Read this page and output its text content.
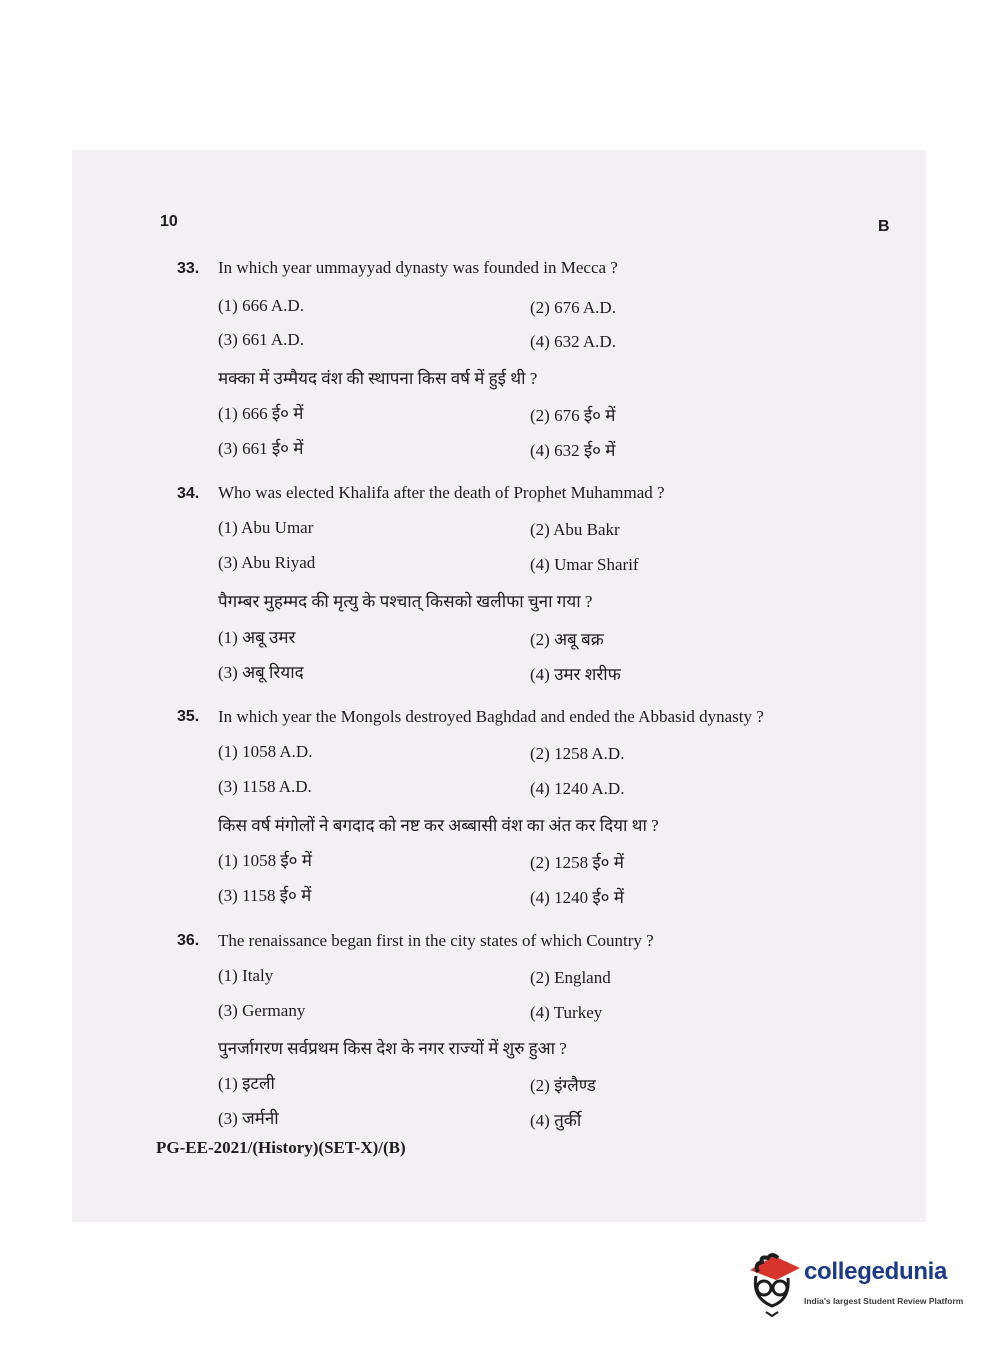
10	B
33. In which year ummayyad dynasty was founded in Mecca ?
(1) 666 A.D.	(2) 676 A.D.
(3) 661 A.D.	(4) 632 A.D.
मक्का में उम्मैयद वंश की स्थापना किस वर्ष में हुई थी ?
(1) 666 ई० में	(2) 676 ई० में
(3) 661 ई० में	(4) 632 ई० में
34. Who was elected Khalifa after the death of Prophet Muhammad ?
(1) Abu Umar	(2) Abu Bakr
(3) Abu Riyad	(4) Umar Sharif
पैगम्बर मुहम्मद की मृत्यु के पश्चात् किसको खलीफा चुना गया ?
(1) अबू उमर	(2) अबू बक्र
(3) अबू रियाद	(4) उमर शरीफ
35. In which year the Mongols destroyed Baghdad and ended the Abbasid dynasty ?
(1) 1058 A.D.	(2) 1258 A.D.
(3) 1158 A.D.	(4) 1240 A.D.
किस वर्ष मंगोलों ने बगदाद को नष्ट कर अब्बासी वंश का अंत कर दिया था ?
(1) 1058 ई० में	(2) 1258 ई० में
(3) 1158 ई० में	(4) 1240 ई० में
36. The renaissance began first in the city states of which Country ?
(1) Italy	(2) England
(3) Germany	(4) Turkey
पुनर्जागरण सर्वप्रथम किस देश के नगर राज्यों में शुरु हुआ ?
(1) इटली	(2) इंग्लैण्ड
(3) जर्मनी	(4) तुर्की
PG-EE-2021/(History)(SET-X)/(B)
collegedunia
India's largest Student Review Platform
